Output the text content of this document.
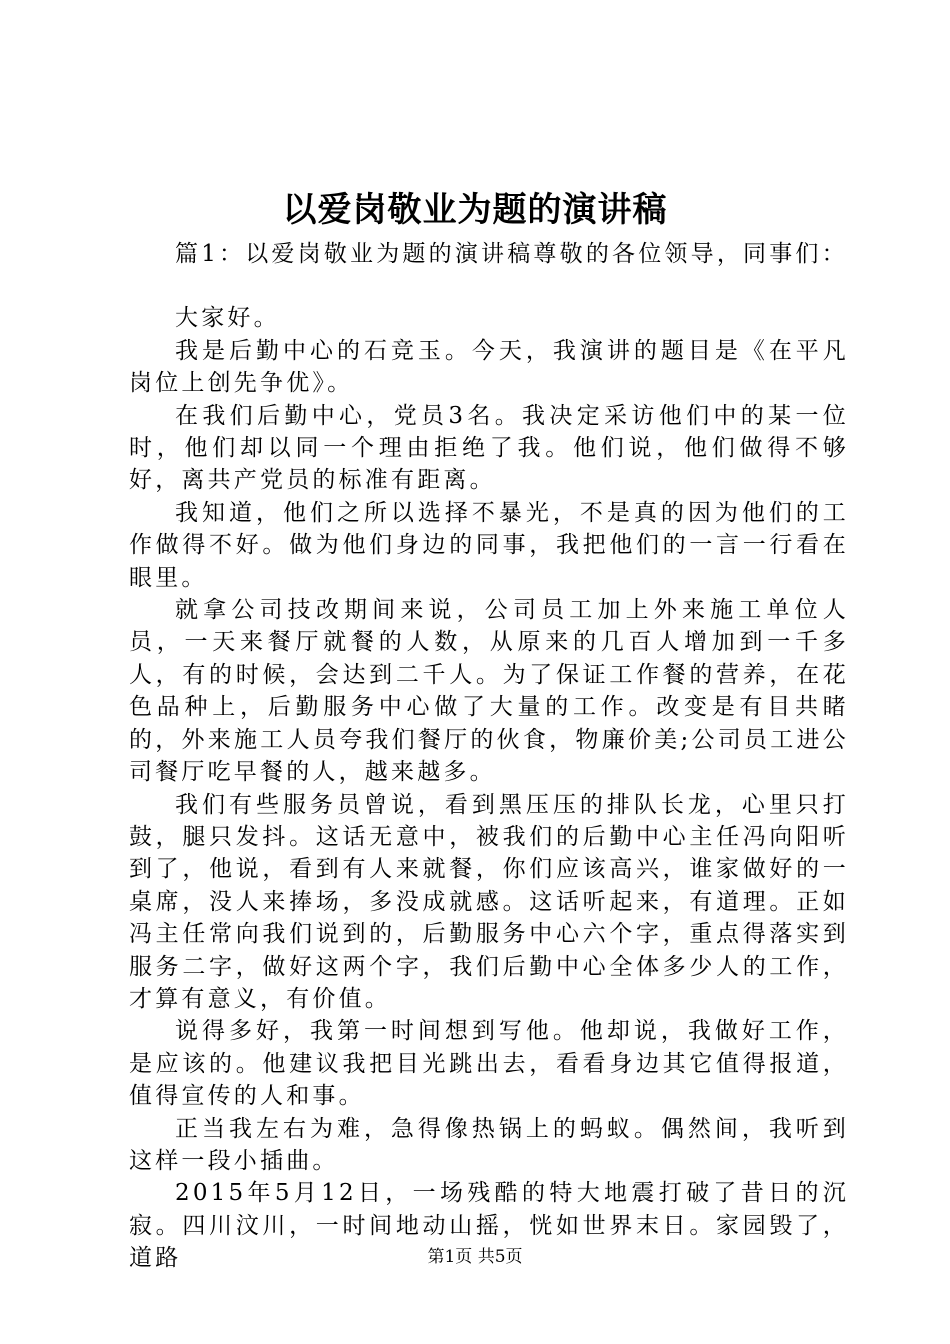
以爱岗敬业为题的演讲稿

篇1：以爱岗敬业为题的演讲稿尊敬的各位领导，同事们：

大家好。

我是后勤中心的石竞玉。今天，我演讲的题目是《在平凡岗位上创先争优》。

在我们后勤中心，党员3名。我决定采访他们中的某一位时，他们却以同一个理由拒绝了我。他们说，他们做得不够好，离共产党员的标准有距离。

我知道，他们之所以选择不暴光，不是真的因为他们的工作做得不好。做为他们身边的同事，我把他们的一言一行看在眼里。

就拿公司技改期间来说，公司员工加上外来施工单位人员，一天来餐厅就餐的人数，从原来的几百人增加到一千多人，有的时候，会达到二千人。为了保证工作餐的营养，在花色品种上，后勤服务中心做了大量的工作。改变是有目共睹的，外来施工人员夸我们餐厅的伙食，物廉价美;公司员工进公司餐厅吃早餐的人，越来越多。

我们有些服务员曾说，看到黑压压的排队长龙，心里只打鼓，腿只发抖。这话无意中，被我们的后勤中心主任冯向阳听到了，他说，看到有人来就餐，你们应该高兴，谁家做好的一桌席，没人来捧场，多没成就感。这话听起来，有道理。正如冯主任常向我们说到的，后勤服务中心六个字，重点得落实到服务二字，做好这两个字，我们后勤中心全体多少人的工作，才算有意义，有价值。

说得多好，我第一时间想到写他。他却说，我做好工作，是应该的。他建议我把目光跳出去，看看身边其它值得报道，值得宣传的人和事。

正当我左右为难，急得像热锅上的蚂蚁。偶然间，我听到这样一段小插曲。

2015年5月12日，一场残酷的特大地震打破了昔日的沉寂。四川汶川，一时间地动山摇，恍如世界末日。家园毁了，道路	第1页 共5页
